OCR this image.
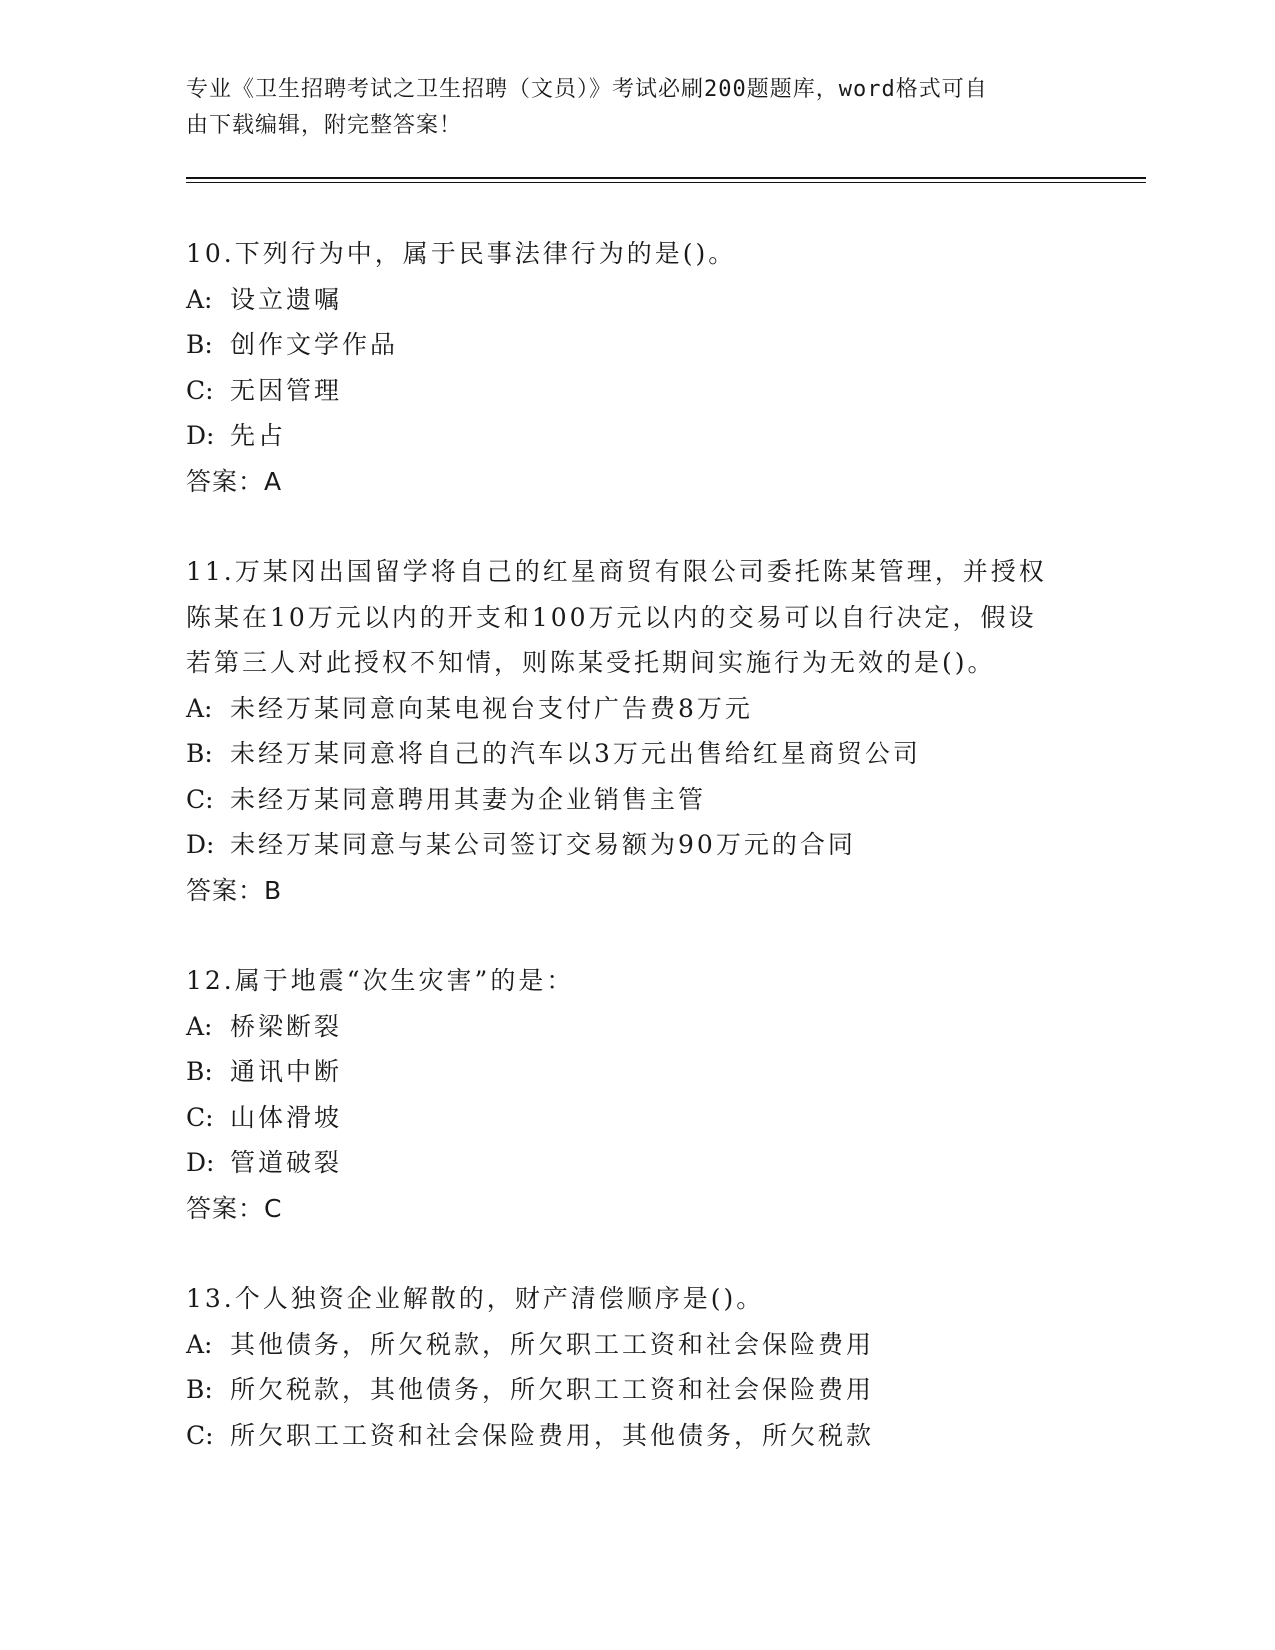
专业《卫生招聘考试之卫生招聘（文员）》考试必刷200题题库，word格式可自
由下载编辑，附完整答案！

10.下列行为中，属于民事法律行为的是()。

A: 设立遗嘱

B: 创作文学作品

C: 无因管理

D: 先占

答案：A

11.万某冈出国留学将自己的红星商贸有限公司委托陈某管理，并授权

陈某在10万元以内的开支和100万元以内的交易可以自行决定，假设

若第三人对此授权不知情，则陈某受托期间实施行为无效的是()。

A: 未经万某同意向某电视台支付广告费8万元

B: 未经万某同意将自己的汽车以3万元出售给红星商贸公司

C: 未经万某同意聘用其妻为企业销售主管

D: 未经万某同意与某公司签订交易额为90万元的合同

答案：B

12.属于地震“次生灾害”的是：

A: 桥梁断裂

B: 通讯中断

C: 山体滑坡

D: 管道破裂

答案：C

13.个人独资企业解散的，财产清偿顺序是()。

A: 其他债务，所欠税款，所欠职工工资和社会保险费用

B: 所欠税款，其他债务，所欠职工工资和社会保险费用

C: 所欠职工工资和社会保险费用，其他债务，所欠税款
